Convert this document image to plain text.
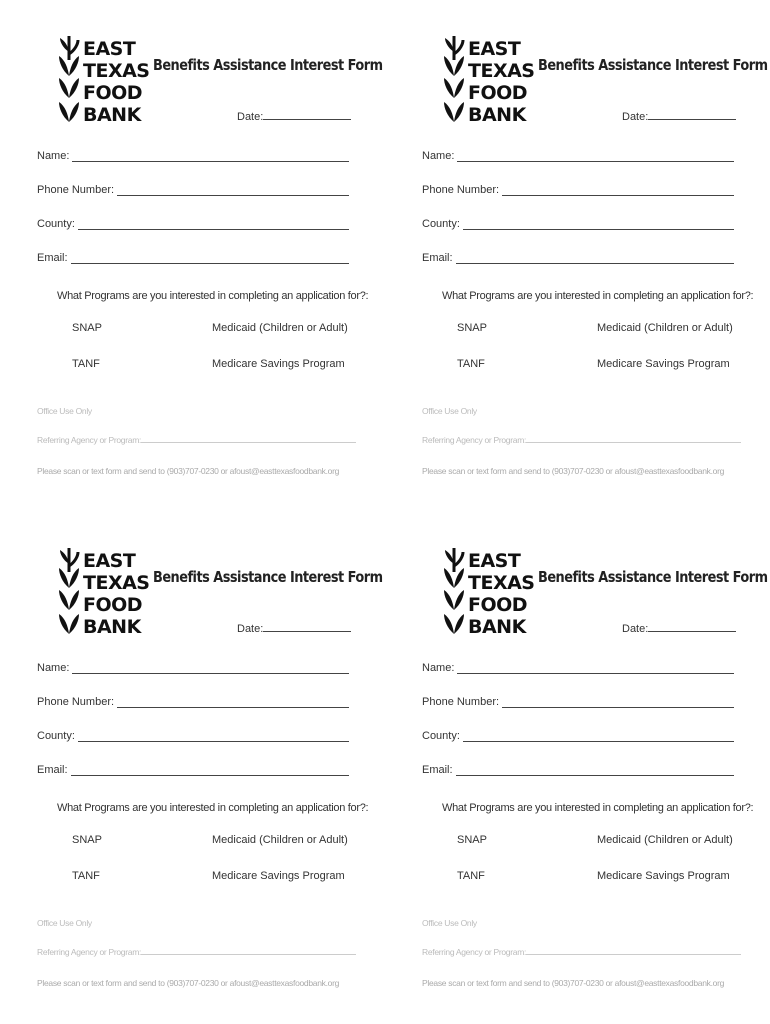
EAST
TEXAS
FOOD
BANK
Benefits Assistance Interest Form
Date:
Name:
Phone Number:
County:
Email:
What Programs are you interested in completing an application for?:
SNAP	Medicaid (Children or Adult)
TANF	Medicare Savings Program
Office Use Only
Referring Agency or Program:
Please scan or text form and send to (903)707-0230 or afoust@easttexasfoodbank.org
EAST
TEXAS
FOOD
BANK
Benefits Assistance Interest Form
Date:
Name:
Phone Number:
County:
Email:
What Programs are you interested in completing an application for?:
SNAP	Medicaid (Children or Adult)
TANF	Medicare Savings Program
Office Use Only
Referring Agency or Program:
Please scan or text form and send to (903)707-0230 or afoust@easttexasfoodbank.org
EAST
TEXAS
FOOD
BANK
Benefits Assistance Interest Form
Date:
Name:
Phone Number:
County:
Email:
What Programs are you interested in completing an application for?:
SNAP	Medicaid (Children or Adult)
TANF	Medicare Savings Program
Office Use Only
Referring Agency or Program:
Please scan or text form and send to (903)707-0230 or afoust@easttexasfoodbank.org
EAST
TEXAS
FOOD
BANK
Benefits Assistance Interest Form
Date:
Name:
Phone Number:
County:
Email:
What Programs are you interested in completing an application for?:
SNAP	Medicaid (Children or Adult)
TANF	Medicare Savings Program
Office Use Only
Referring Agency or Program:
Please scan or text form and send to (903)707-0230 or afoust@easttexasfoodbank.org
